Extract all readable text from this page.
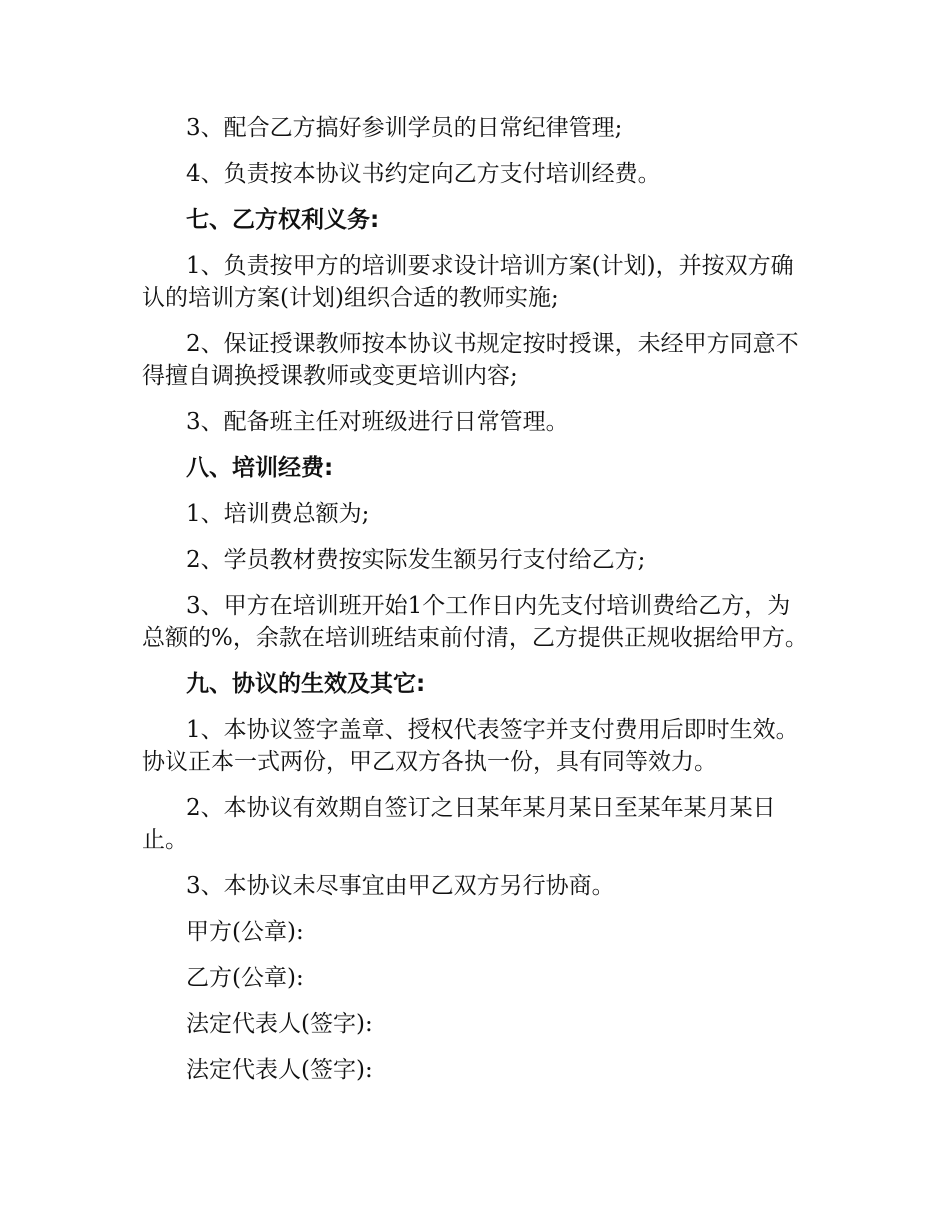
3、配合乙方搞好参训学员的日常纪律管理;

4、负责按本协议书约定向乙方支付培训经费。

七、乙方权利义务:

1、负责按甲方的培训要求设计培训方案(计划)，并按双方确认的培训方案(计划)组织合适的教师实施;

2、保证授课教师按本协议书规定按时授课，未经甲方同意不得擅自调换授课教师或变更培训内容;

3、配备班主任对班级进行日常管理。

八、培训经费:

1、培训费总额为;

2、学员教材费按实际发生额另行支付给乙方;

3、甲方在培训班开始1个工作日内先支付培训费给乙方，为总额的%，余款在培训班结束前付清，乙方提供正规收据给甲方。

九、协议的生效及其它:

1、本协议签字盖章、授权代表签字并支付费用后即时生效。协议正本一式两份，甲乙双方各执一份，具有同等效力。

2、本协议有效期自签订之日某年某月某日至某年某月某日止。

3、本协议未尽事宜由甲乙双方另行协商。

甲方(公章):

乙方(公章):

法定代表人(签字):

法定代表人(签字):
